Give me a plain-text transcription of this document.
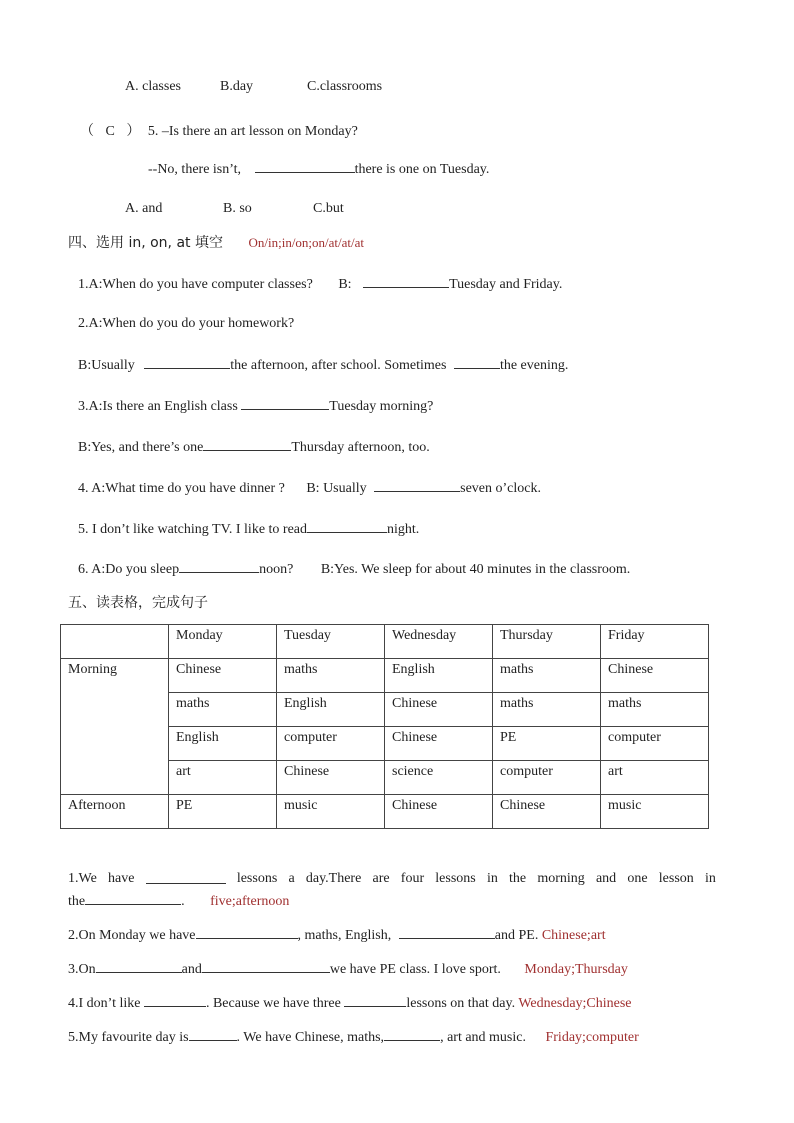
A. classes	B.day	C.classrooms
（ C ） 5. –Is there an art lesson on Monday?
--No, there isn’t,	there is one on Tuesday.
A. and	B. so	C.but
四、选用 in, on, at 填空 On/in;in/on;on/at/at/at
1.A:When do you have computer classes? B:	Tuesday and Friday.
2.A:When do you do your homework?
B:Usually	the afternoon, after school. Sometimes	the evening.
3.A:Is there an English class	Tuesday morning?
B:Yes, and there’s one	Thursday afternoon, too.
4. A:What time do you have dinner ? B: Usually	seven o’clock.
5. I don’t like watching TV. I like to read	night.
6. A:Do you sleep	noon? B:Yes. We sleep for about 40 minutes in the classroom.
五、读表格，完成句子
	Monday	Tuesday	Wednesday	Thursday	Friday
Morning	Chinese	maths	English	maths	Chinese
	maths	English	Chinese	maths	maths
	English	computer	Chinese	PE	computer
	art	Chinese	science	computer	art
Afternoon	PE	music	Chinese	Chinese	music
1.We have	lessons a day.There are four lessons in the morning and one lesson in
the	. five;afternoon
2.On Monday we have	, maths, English,	and PE. Chinese;art
3.On	and	we have PE class. I love sport. Monday;Thursday
4.I don’t like	. Because we have three	lessons on that day. Wednesday;Chinese
5.My favourite day is	. We have Chinese, maths,	, art and music. Friday;computer
